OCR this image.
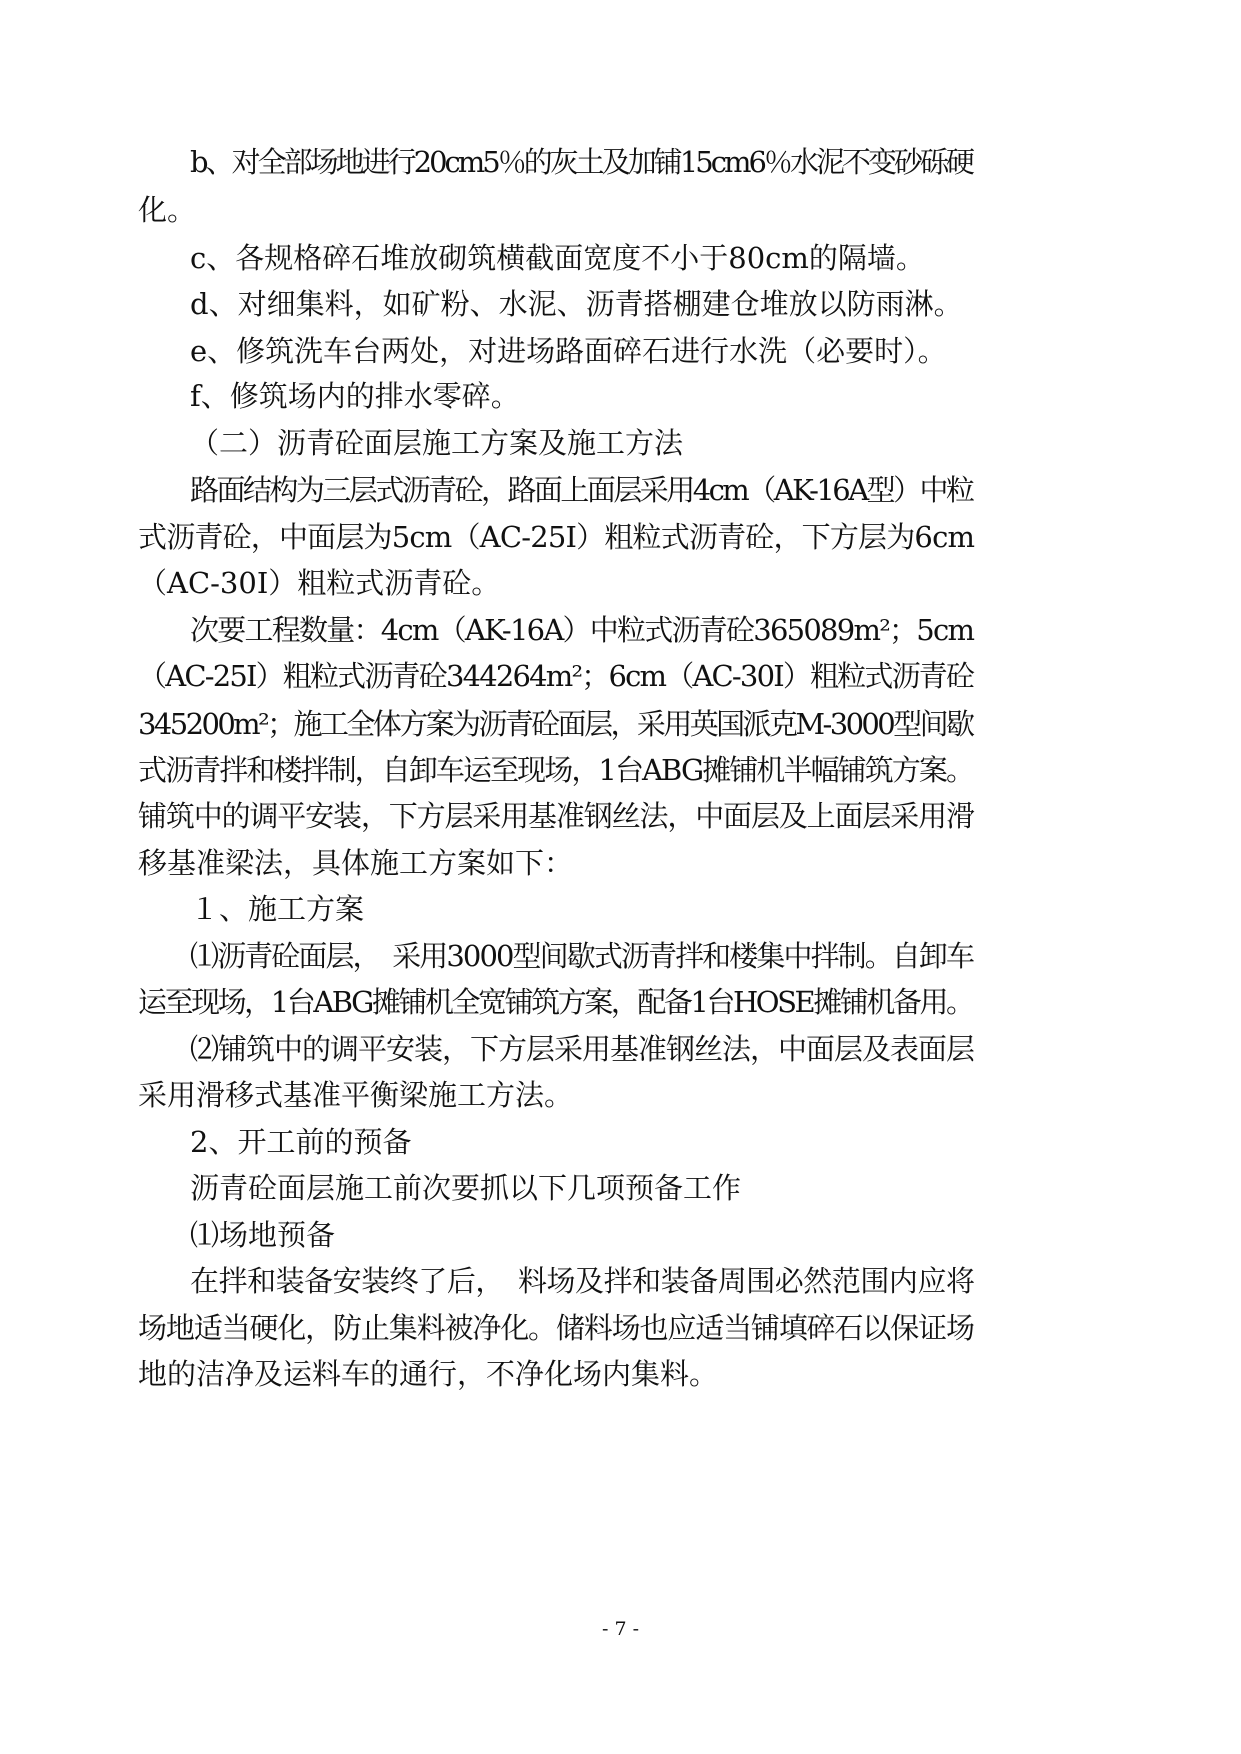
b、对全部场地进行20cm5％的灰土及加铺15cm6％水泥不变砂砾硬
化。
c、各规格碎石堆放砌筑横截面宽度不小于80cm的隔墙。
d、对细集料，如矿粉、水泥、沥青搭棚建仓堆放以防雨淋。
e、修筑洗车台两处，对进场路面碎石进行水洗（必要时）。
f、修筑场内的排水零碎。
（二）沥青砼面层施工方案及施工方法
路面结构为三层式沥青砼，路面上面层采用4cm（AK-16A型）中粒
式沥青砼，中面层为5cm（AC-25I）粗粒式沥青砼，下方层为6cm
（AC-30I）粗粒式沥青砼。
次要工程数量：4cm（AK-16A）中粒式沥青砼365089m²；5cm
（AC-25I）粗粒式沥青砼344264m²；6cm（AC-30I）粗粒式沥青砼
345200m²；施工全体方案为沥青砼面层，采用英国派克M-3000型间歇
式沥青拌和楼拌制，自卸车运至现场，1台ABG摊铺机半幅铺筑方案。
铺筑中的调平安装，下方层采用基准钢丝法，中面层及上面层采用滑
移基准梁法，具体施工方案如下：
１、施工方案
⑴沥青砼面层，　采用3000型间歇式沥青拌和楼集中拌制。自卸车
运至现场，1台ABG摊铺机全宽铺筑方案，配备1台HOSE摊铺机备用。
⑵铺筑中的调平安装，下方层采用基准钢丝法，中面层及表面层
采用滑移式基准平衡梁施工方法。
2、开工前的预备
沥青砼面层施工前次要抓以下几项预备工作
⑴场地预备
在拌和装备安装终了后，　料场及拌和装备周围必然范围内应将
场地适当硬化，防止集料被净化。储料场也应适当铺填碎石以保证场
地的洁净及运料车的通行，不净化场内集料。
- 7 -
